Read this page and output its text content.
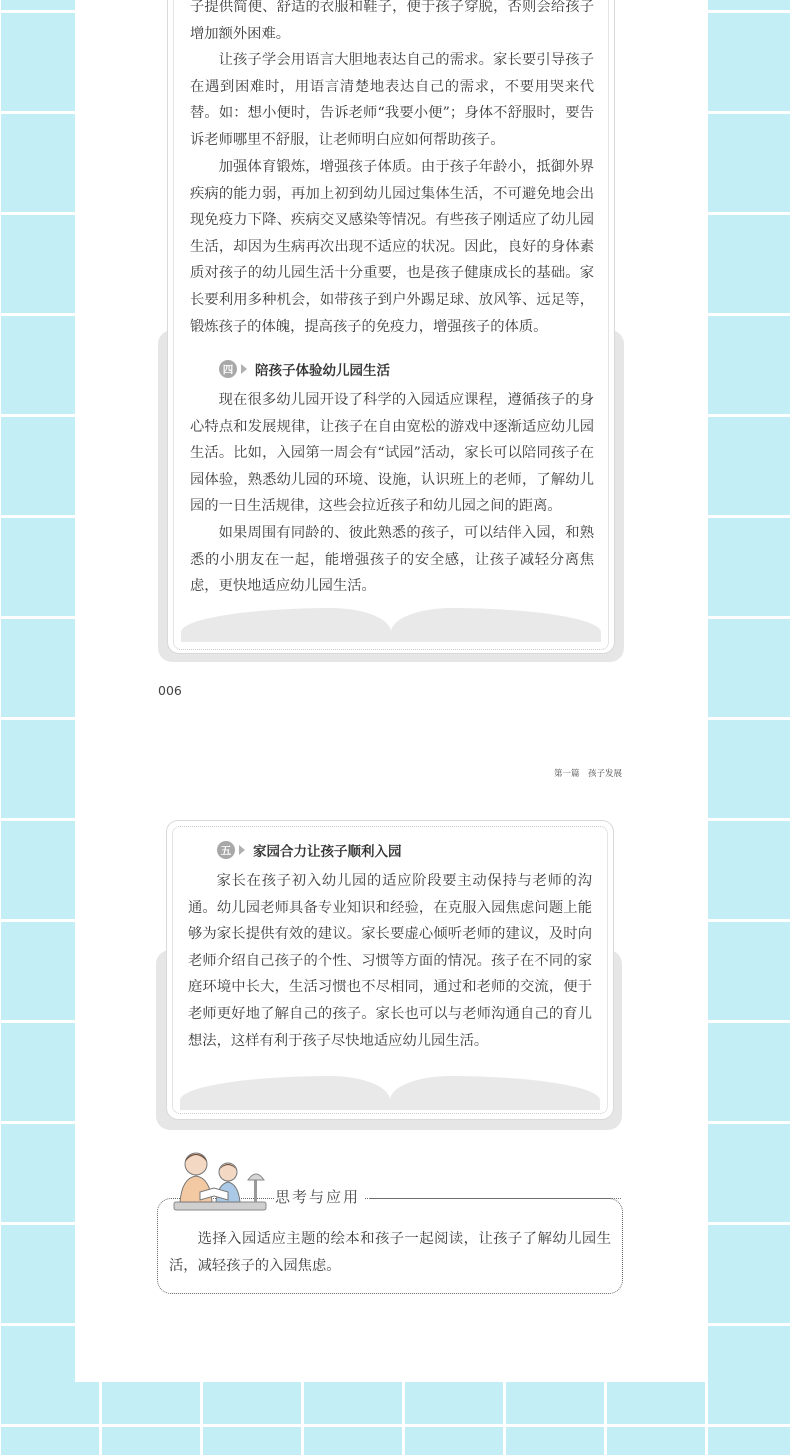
子提供简便、舒适的衣服和鞋子，便于孩子穿脱，否则会给孩子增加额外困难。

让孩子学会用语言大胆地表达自己的需求。家长要引导孩子在遇到困难时，用语言清楚地表达自己的需求，不要用哭来代替。如：想小便时，告诉老师“我要小便”；身体不舒服时，要告诉老师哪里不舒服，让老师明白应如何帮助孩子。

加强体育锻炼，增强孩子体质。由于孩子年龄小，抵御外界疾病的能力弱，再加上初到幼儿园过集体生活，不可避免地会出现免疫力下降、疾病交叉感染等情况。有些孩子刚适应了幼儿园生活，却因为生病再次出现不适应的状况。因此，良好的身体素质对孩子的幼儿园生活十分重要，也是孩子健康成长的基础。家长要利用多种机会，如带孩子到户外踢足球、放风筝、远足等，锻炼孩子的体魄，提高孩子的免疫力，增强孩子的体质。

四 陪孩子体验幼儿园生活

现在很多幼儿园开设了科学的入园适应课程，遵循孩子的身心特点和发展规律，让孩子在自由宽松的游戏中逐渐适应幼儿园生活。比如，入园第一周会有“试园”活动，家长可以陪同孩子在园体验，熟悉幼儿园的环境、设施，认识班上的老师，了解幼儿园的一日生活规律，这些会拉近孩子和幼儿园之间的距离。

如果周围有同龄的、彼此熟悉的孩子，可以结伴入园，和熟悉的小朋友在一起，能增强孩子的安全感，让孩子减轻分离焦虑，更快地适应幼儿园生活。

006
第一篇　孩子发展
五 家园合力让孩子顺利入园

家长在孩子初入幼儿园的适应阶段要主动保持与老师的沟通。幼儿园老师具备专业知识和经验，在克服入园焦虑问题上能够为家长提供有效的建议。家长要虚心倾听老师的建议，及时向老师介绍自己孩子的个性、习惯等方面的情况。孩子在不同的家庭环境中长大，生活习惯也不尽相同，通过和老师的交流，便于老师更好地了解自己的孩子。家长也可以与老师沟通自己的育儿想法，这样有利于孩子尽快地适应幼儿园生活。

思考与应用

选择入园适应主题的绘本和孩子一起阅读，让孩子了解幼儿园生活，减轻孩子的入园焦虑。
